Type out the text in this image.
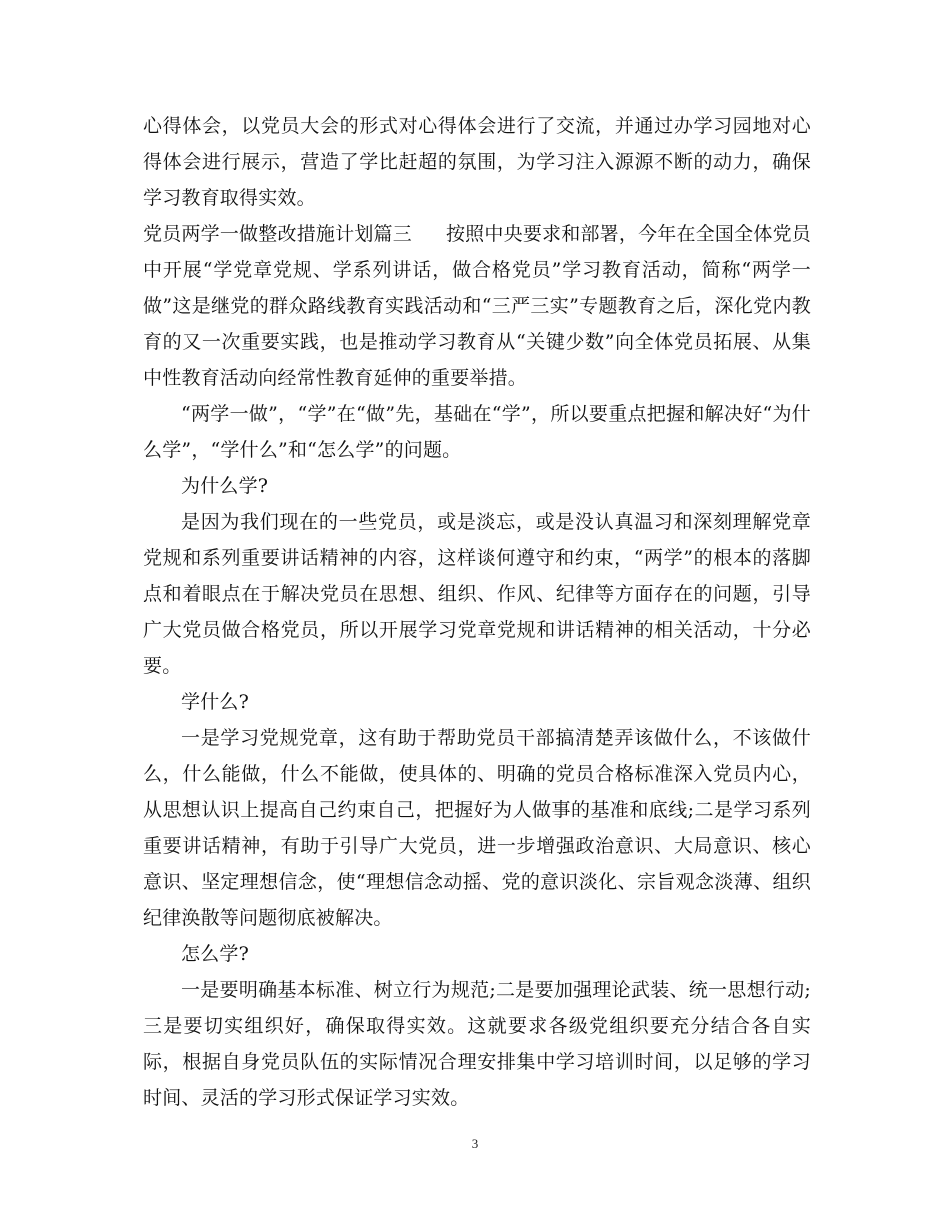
心得体会，以党员大会的形式对心得体会进行了交流，并通过办学习园地对心得体会进行展示，营造了学比赶超的氛围，为学习注入源源不断的动力，确保学习教育取得实效。

党员两学一做整改措施计划篇三 按照中央要求和部署，今年在全国全体党员中开展“学党章党规、学系列讲话，做合格党员”学习教育活动，简称“两学一做”这是继党的群众路线教育实践活动和“三严三实”专题教育之后，深化党内教育的又一次重要实践，也是推动学习教育从“关键少数”向全体党员拓展、从集中性教育活动向经常性教育延伸的重要举措。

“两学一做”，“学”在“做”先，基础在“学”，所以要重点把握和解决好“为什么学”，“学什么”和“怎么学”的问题。

为什么学?

是因为我们现在的一些党员，或是淡忘，或是没认真温习和深刻理解党章党规和系列重要讲话精神的内容，这样谈何遵守和约束，“两学”的根本的落脚点和着眼点在于解决党员在思想、组织、作风、纪律等方面存在的问题，引导广大党员做合格党员，所以开展学习党章党规和讲话精神的相关活动，十分必要。

学什么?

一是学习党规党章，这有助于帮助党员干部搞清楚弄该做什么，不该做什么，什么能做，什么不能做，使具体的、明确的党员合格标准深入党员内心，从思想认识上提高自己约束自己，把握好为人做事的基准和底线;二是学习系列重要讲话精神，有助于引导广大党员，进一步增强政治意识、大局意识、核心意识、坚定理想信念，使“理想信念动摇、党的意识淡化、宗旨观念淡薄、组织纪律涣散等问题彻底被解决。

怎么学?

一是要明确基本标准、树立行为规范;二是要加强理论武装、统一思想行动;三是要切实组织好，确保取得实效。这就要求各级党组织要充分结合各自实际，根据自身党员队伍的实际情况合理安排集中学习培训时间，以足够的学习时间、灵活的学习形式保证学习实效。

3
